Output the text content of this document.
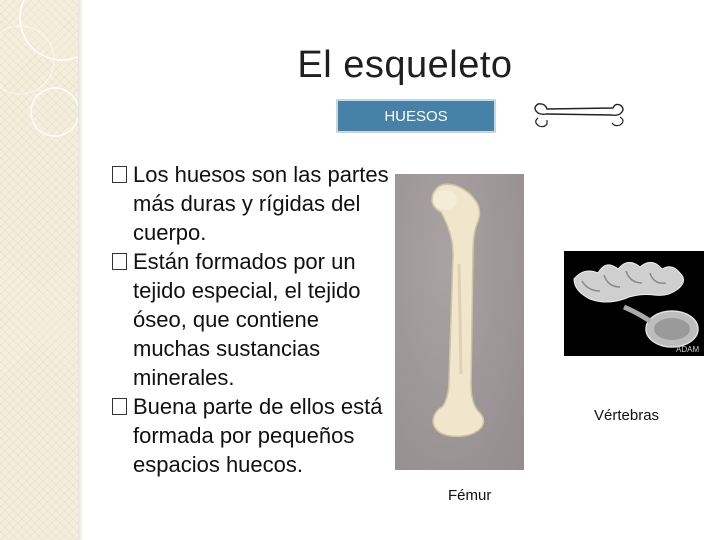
El esqueleto
HUESOS
Los huesos son las partes más duras y rígidas del cuerpo.
Están formados por un tejido especial, el tejido óseo, que contiene muchas sustancias minerales.
Buena parte de ellos está formada por pequeños espacios huecos.
Fémur
ADAM
Vértebras
